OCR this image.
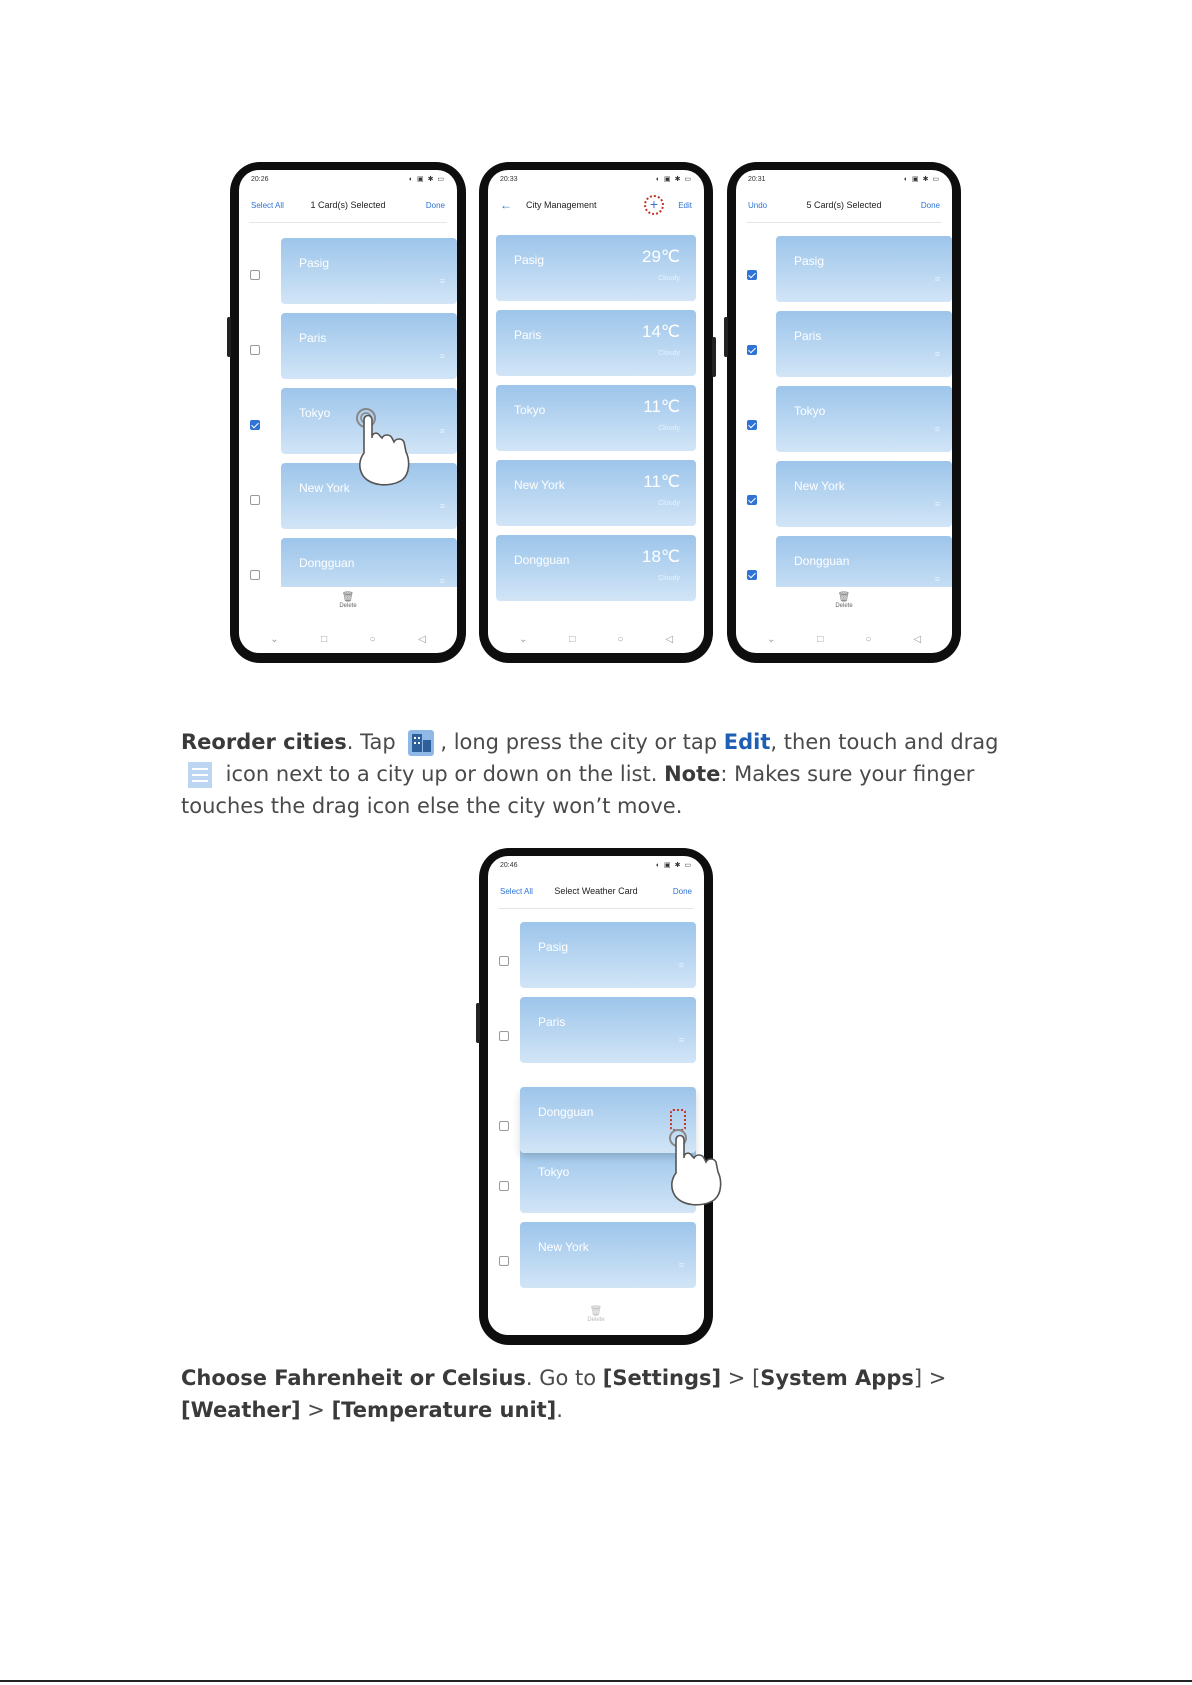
20:26	◐ ▣ ✱ ▭
Select All	1 Card(s) Selected	Done
Pasig
≡
Paris
≡
Tokyo
≡
New York
≡
Dongguan
≡
🗑
Delete
⌄	□	○	◁
20:33	◐ ▣ ✱ ▭
← City Management	+	Edit
Pasig	29℃
Cloudy
Paris	14℃
Cloudy
Tokyo	11℃
Cloudy
New York	11℃
Cloudy
Dongguan	18℃
Cloudy
⌄	□	○	◁
20:31	◐ ▣ ✱ ▭
Undo	5 Card(s) Selected	Done
Pasig
≡
Paris
≡
Tokyo
≡
New York
≡
Dongguan
≡
🗑
Delete
⌄	□	○	◁
Reorder cities. Tap , long press the city or tap Edit, then touch and drag  icon next to a city up or down on the list. Note: Makes sure your finger touches the drag icon else the city won’t move.
20:46	◐ ▣ ✱ ▭
Select All	Select Weather Card	Done
Pasig
≡
Paris
≡
Tokyo
Dongguan
New York
≡
🗑
Delete
Choose Fahrenheit or Celsius. Go to [Settings] > [System Apps] > [Weather] > [Temperature unit].
